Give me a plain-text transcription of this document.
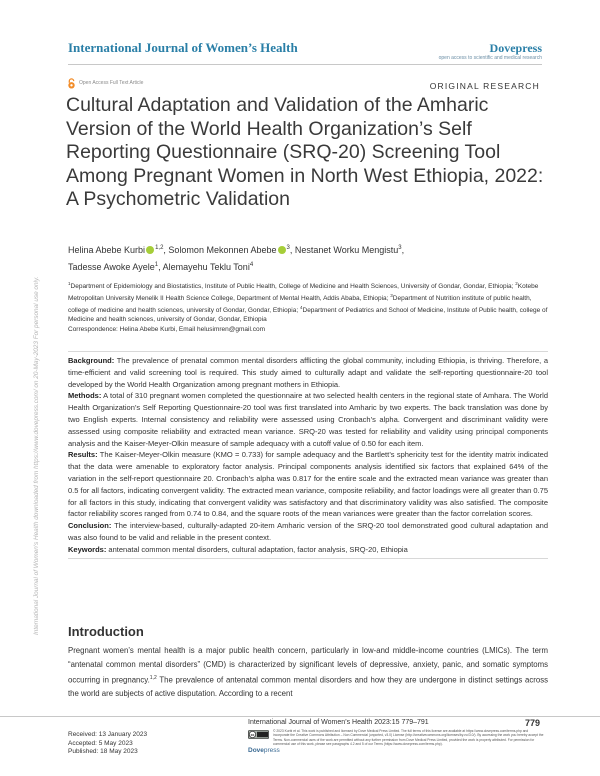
International Journal of Women’s Health	Dovepress
open access to scientific and medical research
Open Access Full Text Article	ORIGINAL RESEARCH
Cultural Adaptation and Validation of the Amharic Version of the World Health Organization’s Self Reporting Questionnaire (SRQ-20) Screening Tool Among Pregnant Women in North West Ethiopia, 2022: A Psychometric Validation
Helina Abebe Kurbi $^{1,2}$, Solomon Mekonnen Abebe $^3$, Nestanet Worku Mengistu$^3$,
Tadesse Awoke Ayele$^1$, Alemayehu Teklu Toni$^4$
$^1$Department of Epidemiology and Biostatistics, Institute of Public Health, College of Medicine and Health Sciences, University of Gondar, Gondar, Ethiopia; $^2$Kotebe Metropolitan University Menelik II Health Science College, Department of Mental Health, Addis Ababa, Ethiopia; $^3$Department of Nutrition institute of public health, college of medicine and health sciences, university of Gondar, Gondar, Ethiopia; $^4$Department of Pediatrics and School of Medicine, Institute of Public health, college of Medicine and health sciences, university of Gondar, Gondar, Ethiopia
Correspondence: Helina Abebe Kurbi, Email helusimren@gmail.com
International Journal of Women's Health downloaded from https://www.dovepress.com/ on 20-May-2023 For personal use only.	Background: The prevalence of prenatal common mental disorders afflicting the global community, including Ethiopia, is thriving. Therefore, a time-efficient and valid screening tool is required. This study aimed to culturally adapt and validate the self-reporting questionnaire-20 tool developed by the World Health Organization among pregnant mothers in Ethiopia.

Methods: A total of 310 pregnant women completed the questionnaire at two selected health centers in the regional state of Amhara. The World Health Organization’s Self Reporting Questionnaire-20 tool was first translated into Amharic by two experts. The back translation was done by two English experts. Internal consistency and reliability were assessed using Cronbach’s alpha. Convergent and discriminant validity were assessed using composite reliability and extracted mean variance. SRQ-20 was tested for reliability and validity using principal components analysis and the Kaiser-Meyer-Olkin measure of sample adequacy with a cutoff value of 0.50 for each item.

Results: The Kaiser-Meyer-Olkin measure (KMO = 0.733) for sample adequacy and the Bartlett’s sphericity test for the identity matrix indicated that the data were amenable to exploratory factor analysis. Principal components analysis identified six factors that explained 64% of the variation in the self-report questionnaire 20. Cronbach’s alpha was 0.817 for the entire scale and the extracted mean variance was greater than 0.5 for all factors, indicating convergent validity. The extracted mean variance, composite reliability, and factor loadings were all greater than 0.75 for all factors in this study, indicating that convergent validity was satisfactory and that discriminatory validity was also satisfied. The composite factor reliability scores ranged from 0.74 to 0.84, and the square roots of the mean variances were greater than the factor correlation scores.

Conclusion: The interview-based, culturally-adapted 20-item Amharic version of the SRQ-20 tool demonstrated good cultural adaptation and was also found to be valid and reliable in the present context.

Keywords: antenatal common mental disorders, cultural adaptation, factor analysis, SRQ-20, Ethiopia

Introduction

Pregnant women’s mental health is a major public health concern, particularly in low-and middle-income countries (LMICs). The term “antenatal common mental disorders” (CMD) is characterized by significant levels of depressive, anxiety, panic, and somatic symptoms occurring in pregnancy.$^{1,2}$ The prevalence of antenatal common mental disorders and how they are undergone in distinct settings across the world are subjects of active disputation. According to a recent

Received: 13 January 2023
Accepted: 5 May 2023
Published: 18 May 2023
International Journal of Women’s Health 2023:15 779–791	779
cc
© 2023 Kurbi et al. This work is published and licensed by Dove Medical Press Limited. The full terms of this license are available at https://www.dovepress.com/terms.php and incorporate the Creative Commons Attribution – Non Commercial (unported, v3.0) License (http://creativecommons.org/licenses/by-nc/3.0/). By accessing the work you hereby accept the Terms. Non-commercial uses of the work are permitted without any further permission from Dove Medical Press Limited, provided the work is properly attributed. For permission for commercial use of this work, please see paragraphs 4.2 and 5 of our Terms (https://www.dovepress.com/terms.php).
Dovepress
